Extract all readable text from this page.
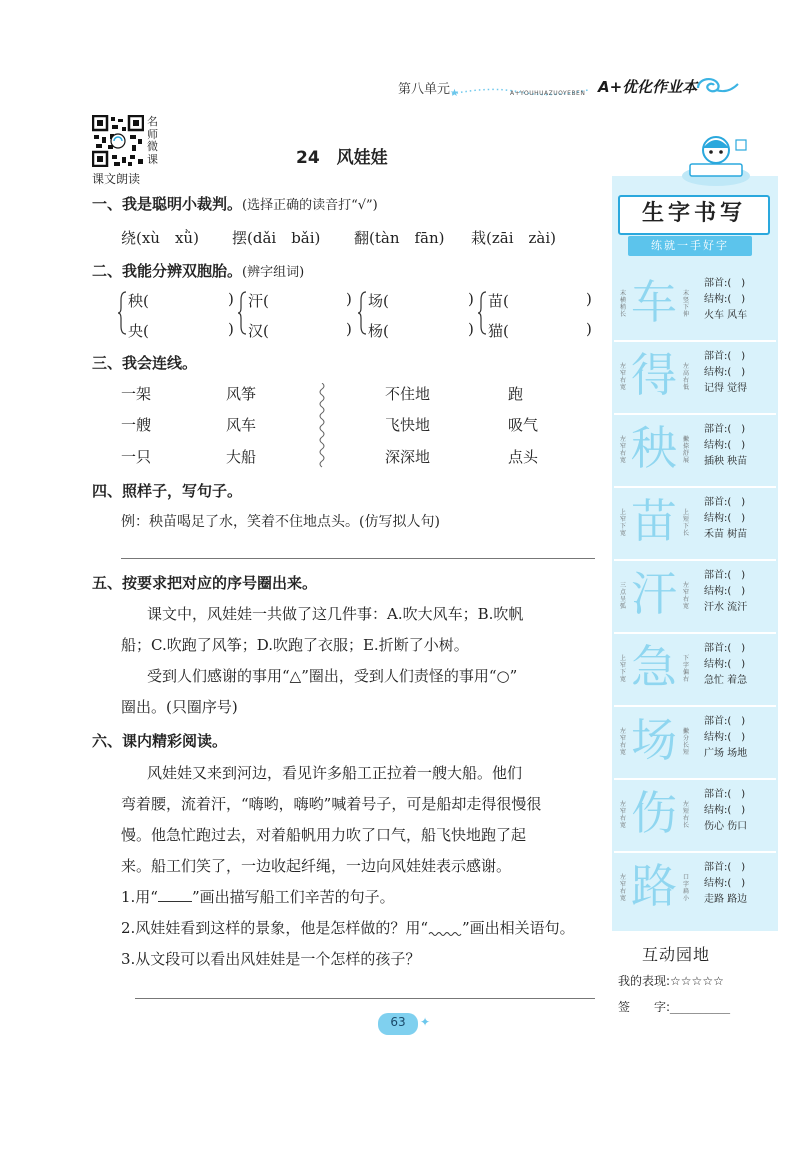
第八单元 ★	A+YOUHUAZUOYEBEN A+优化作业本
名
师
微
课
课文朗读
24　风娃娃
一、我是聪明小裁判。(选择正确的读音打“√”)
绕(xù　xǜ) 摆(dǎi　bǎi) 翻(tàn　fān) 栽(zāi　zài)
二、我能分辨双胞胎。(辨字组词)
秧(
央(
)
)
汗(
汉(
)
)
场(
杨(
)
)
苗(
猫(
)
)
三、我会连线。
一架
一艘
一只
风筝
风车
大船
不住地
飞快地
深深地
跑
吸气
点头
四、照样子，写句子。
例：秧苗喝足了水，笑着不住地点头。(仿写拟人句)
五、按要求把对应的序号圈出来。
课文中，风娃娃一共做了这几件事：A.吹大风车；B.吹帆
船；C.吹跑了风筝；D.吹跑了衣服；E.折断了小树。
受到人们感谢的事用“△”圈出，受到人们责怪的事用“○”
圈出。(只圈序号)
六、课内精彩阅读。
风娃娃又来到河边，看见许多船工正拉着一艘大船。他们
弯着腰，流着汗，“嗨哟，嗨哟”喊着号子，可是船却走得很慢很
慢。他急忙跑过去，对着船帆用力吹了口气，船飞快地跑了起
来。船工们笑了，一边收起纤绳，一边向风娃娃表示感谢。
1.用“ ”画出描写船工们辛苦的句子。
2.风娃娃看到这样的景象，他是怎样做的？用“ ”画出相关语句。
3.从文段可以看出风娃娃是一个怎样的孩子？
生字书写
练就一手好字
末横稍长 车 末竖下伸
部首:(　)
结构:(　)
火车 风车
左窄右宽 得 左高右低
部首:(　)
结构:(　)
记得 觉得
左窄右宽 秧 撇捺舒展
部首:(　)
结构:(　)
插秧 秧苗
上窄下宽 苗 上短下长
部首:(　)
结构:(　)
禾苗 树苗
三点呈弧 汗 左窄右宽
部首:(　)
结构:(　)
汗水 流汗
上窄下宽 急 下字偏右
部首:(　)
结构:(　)
急忙 着急
左窄右宽 场 撇分长短
部首:(　)
结构:(　)
广场 场地
左窄右宽 伤 左短右长
部首:(　)
结构:(　)
伤心 伤口
左窄右宽 路 口字扁小
部首:(　)
结构:(　)
走路 路边
互动园地
我的表现:☆☆☆☆☆
签　　字:__________
63	✦
